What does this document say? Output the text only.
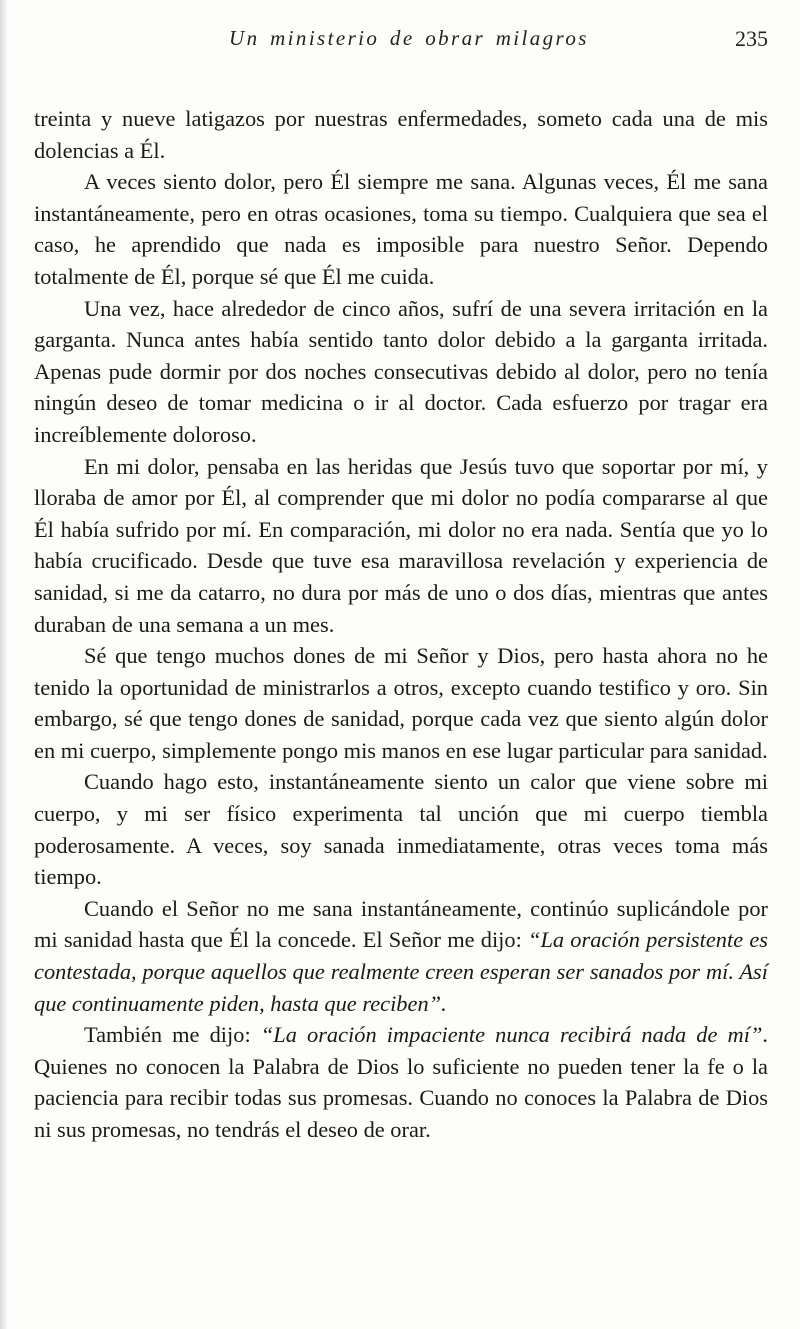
Un ministerio de obrar milagros	235

treinta y nueve latigazos por nuestras enfermedades, someto cada una de mis dolencias a Él.

A veces siento dolor, pero Él siempre me sana. Algunas veces, Él me sana instantáneamente, pero en otras ocasiones, toma su tiempo. Cualquiera que sea el caso, he aprendido que nada es imposible para nuestro Señor. Dependo totalmente de Él, porque sé que Él me cuida.

Una vez, hace alrededor de cinco años, sufrí de una severa irritación en la garganta. Nunca antes había sentido tanto dolor debido a la garganta irritada. Apenas pude dormir por dos noches consecutivas debido al dolor, pero no tenía ningún deseo de tomar medicina o ir al doctor. Cada esfuerzo por tragar era increíblemente doloroso.

En mi dolor, pensaba en las heridas que Jesús tuvo que soportar por mí, y lloraba de amor por Él, al comprender que mi dolor no podía compararse al que Él había sufrido por mí. En comparación, mi dolor no era nada. Sentía que yo lo había crucificado. Desde que tuve esa maravillosa revelación y experiencia de sanidad, si me da catarro, no dura por más de uno o dos días, mientras que antes duraban de una semana a un mes.

Sé que tengo muchos dones de mi Señor y Dios, pero hasta ahora no he tenido la oportunidad de ministrarlos a otros, excepto cuando testifico y oro. Sin embargo, sé que tengo dones de sanidad, porque cada vez que siento algún dolor en mi cuerpo, simplemente pongo mis manos en ese lugar particular para sanidad.

Cuando hago esto, instantáneamente siento un calor que viene sobre mi cuerpo, y mi ser físico experimenta tal unción que mi cuerpo tiembla poderosamente. A veces, soy sanada inmediatamente, otras veces toma más tiempo.

Cuando el Señor no me sana instantáneamente, continúo suplicándole por mi sanidad hasta que Él la concede. El Señor me dijo: “La oración persistente es contestada, porque aquellos que realmente creen esperan ser sanados por mí. Así que continuamente piden, hasta que reciben”.

También me dijo: “La oración impaciente nunca recibirá nada de mí”. Quienes no conocen la Palabra de Dios lo suficiente no pueden tener la fe o la paciencia para recibir todas sus promesas. Cuando no conoces la Palabra de Dios ni sus promesas, no tendrás el deseo de orar.
